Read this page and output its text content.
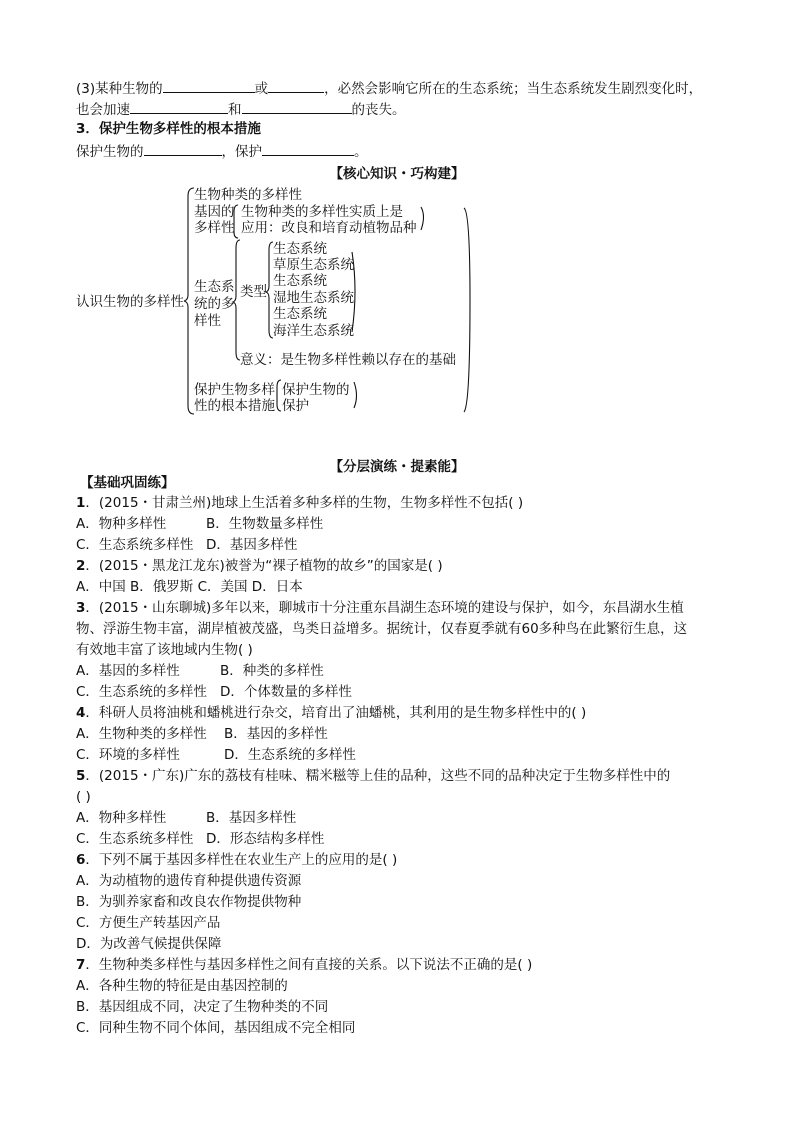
(3)某种生物的	或	，必然会影响它所在的生态系统；当生态系统发生剧烈变化时，
也会加速	和	的丧失。
3．保护生物多样性的根本措施
保护生物的	，保护	。
【核心知识・巧构建】
认识生物的多样性
生物种类的多样性
基因的
多样性
生物种类的多样性实质上是
应用：改良和培育动植物品种
生态系
统的多
样性
类型
生态系统
草原生态系统
生态系统
湿地生态系统
生态系统
海洋生态系统
意义：是生物多样性赖以存在的基础
保护生物多样
性的根本措施
保护生物的
保护
【分层演练・提素能】
【基础巩固练】
1．(2015・甘肃兰州)地球上生活着多种多样的生物，生物多样性不包括( )
A．物种多样性	B．生物数量多样性
C．生态系统多样性 D．基因多样性
2．(2015・黑龙江龙东)被誉为“裸子植物的故乡”的国家是( )
A．中国 B．俄罗斯 C．美国 D．日本
3．(2015・山东聊城)多年以来，聊城市十分注重东昌湖生态环境的建设与保护，如今，东昌湖水生植
物、浮游生物丰富，湖岸植被茂盛，鸟类日益增多。据统计，仅春夏季就有60多种鸟在此繁衍生息，这
有效地丰富了该地域内生物( )
A．基因的多样性	B．种类的多样性
C．生态系统的多样性 D．个体数量的多样性
4．科研人员将油桃和蟠桃进行杂交，培育出了油蟠桃，其利用的是生物多样性中的( )
A．生物种类的多样性 B．基因的多样性
C．环境的多样性	D．生态系统的多样性
5．(2015・广东)广东的荔枝有桂味、糯米糍等上佳的品种，这些不同的品种决定于生物多样性中的
( )
A．物种多样性	B．基因多样性
C．生态系统多样性 D．形态结构多样性
6．下列不属于基因多样性在农业生产上的应用的是( )
A．为动植物的遗传育种提供遗传资源
B．为驯养家畜和改良农作物提供物种
C．方便生产转基因产品
D．为改善气候提供保障
7．生物种类多样性与基因多样性之间有直接的关系。以下说法不正确的是( )
A．各种生物的特征是由基因控制的
B．基因组成不同，决定了生物种类的不同
C．同种生物不同个体间，基因组成不完全相同
